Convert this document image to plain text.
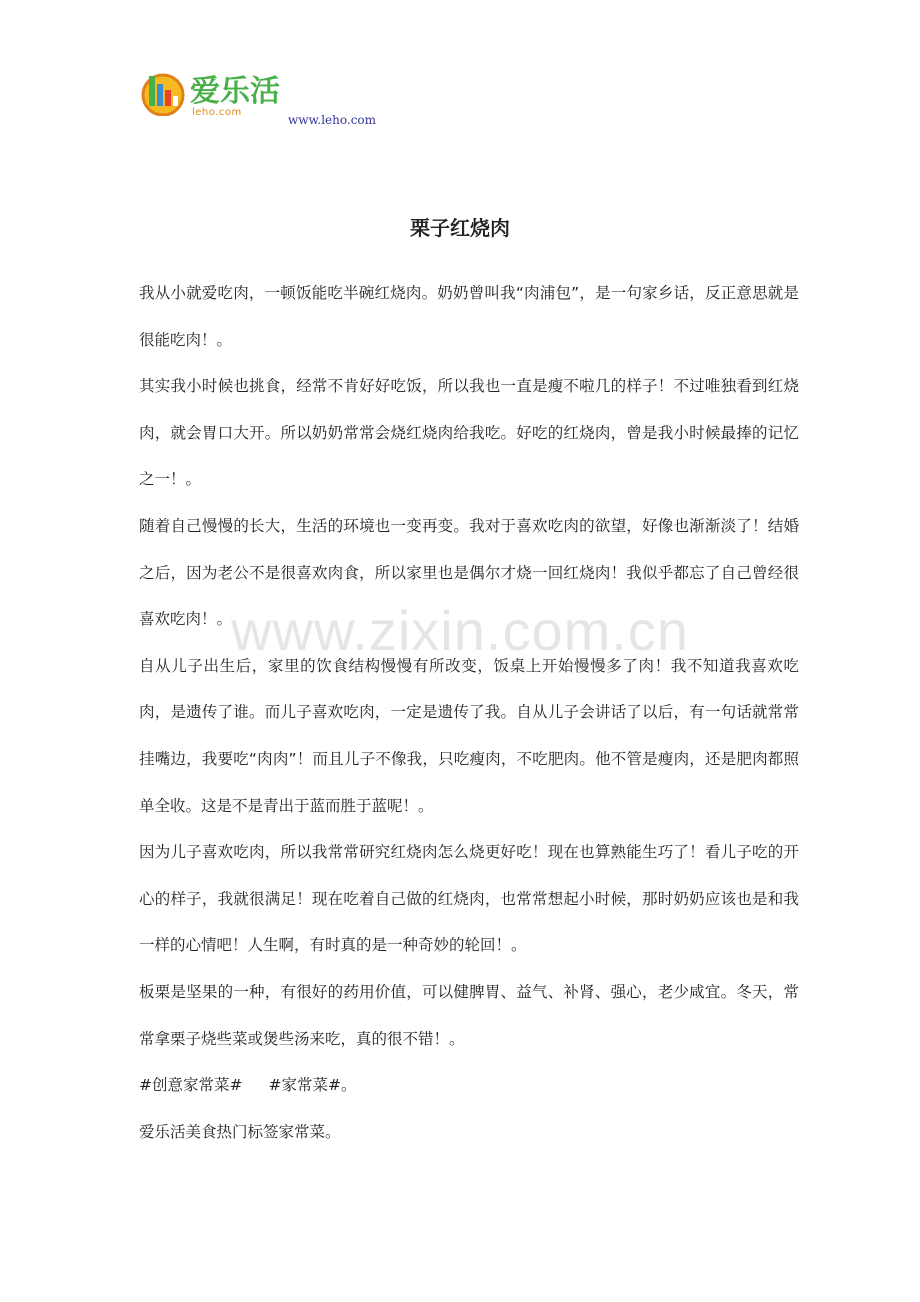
爱乐活
leho.com
www.leho.com
栗子红烧肉

我从小就爱吃肉，一顿饭能吃半碗红烧肉。奶奶曾叫我“肉浦包”，是一句家乡话，反正意思就是很能吃肉！。

其实我小时候也挑食，经常不肯好好吃饭，所以我也一直是瘦不啦几的样子！不过唯独看到红烧肉，就会胃口大开。所以奶奶常常会烧红烧肉给我吃。好吃的红烧肉，曾是我小时候最捧的记忆之一！。

随着自己慢慢的长大，生活的环境也一变再变。我对于喜欢吃肉的欲望，好像也渐渐淡了！结婚之后，因为老公不是很喜欢肉食，所以家里也是偶尔才烧一回红烧肉！我似乎都忘了自己曾经很喜欢吃肉！。

自从儿子出生后，家里的饮食结构慢慢有所改变，饭桌上开始慢慢多了肉！我不知道我喜欢吃肉，是遗传了谁。而儿子喜欢吃肉，一定是遗传了我。自从儿子会讲话了以后，有一句话就常常挂嘴边，我要吃“肉肉”！而且儿子不像我，只吃瘦肉，不吃肥肉。他不管是瘦肉，还是肥肉都照单全收。这是不是青出于蓝而胜于蓝呢！。

因为儿子喜欢吃肉，所以我常常研究红烧肉怎么烧更好吃！现在也算熟能生巧了！看儿子吃的开心的样子，我就很满足！现在吃着自己做的红烧肉，也常常想起小时候，那时奶奶应该也是和我一样的心情吧！人生啊，有时真的是一种奇妙的轮回！。

板栗是坚果的一种，有很好的药用价值，可以健脾胃、益气、补肾、强心，老少咸宜。冬天，常常拿栗子烧些菜或煲些汤来吃，真的很不错！。

#创意家常菜# #家常菜#。

爱乐活美食热门标签家常菜。

www.zixin.com.cn
